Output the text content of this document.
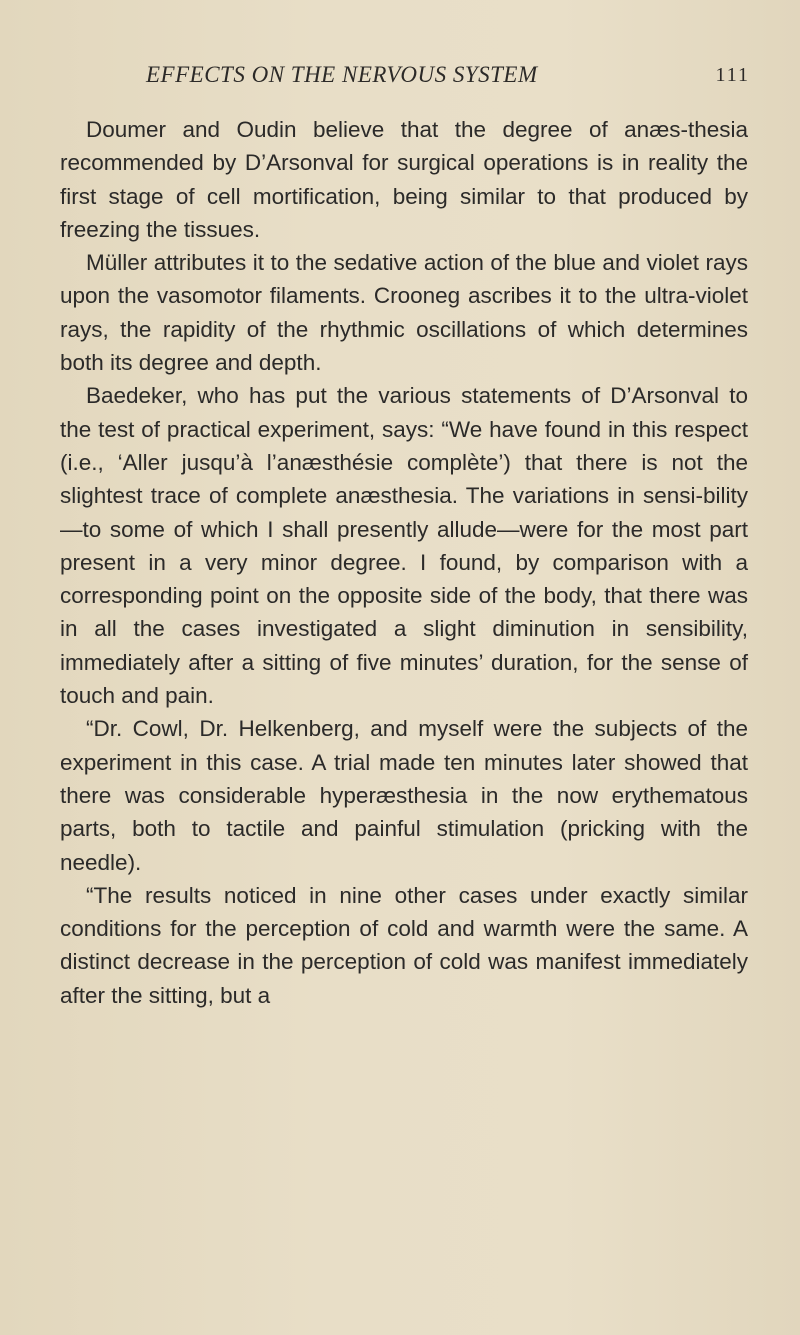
EFFECTS ON THE NERVOUS SYSTEM	111

Doumer and Oudin believe that the degree of anæs-thesia recommended by D’Arsonval for surgical operations is in reality the first stage of cell mortification, being similar to that produced by freezing the tissues.

Müller attributes it to the sedative action of the blue and violet rays upon the vasomotor filaments. Crooneg ascribes it to the ultra-violet rays, the rapidity of the rhythmic oscillations of which determines both its degree and depth.

Baedeker, who has put the various statements of D’Arsonval to the test of practical experiment, says: “We have found in this respect (i.e., ‘Aller jusqu’à l’anæsthésie complète’) that there is not the slightest trace of complete anæsthesia. The variations in sensi-bility—to some of which I shall presently allude—were for the most part present in a very minor degree. I found, by comparison with a corresponding point on the opposite side of the body, that there was in all the cases investigated a slight diminution in sensibility, immediately after a sitting of five minutes’ duration, for the sense of touch and pain.

“Dr. Cowl, Dr. Helkenberg, and myself were the subjects of the experiment in this case. A trial made ten minutes later showed that there was considerable hyperæsthesia in the now erythematous parts, both to tactile and painful stimulation (pricking with the needle).

“The results noticed in nine other cases under exactly similar conditions for the perception of cold and warmth were the same. A distinct decrease in the perception of cold was manifest immediately after the sitting, but a
